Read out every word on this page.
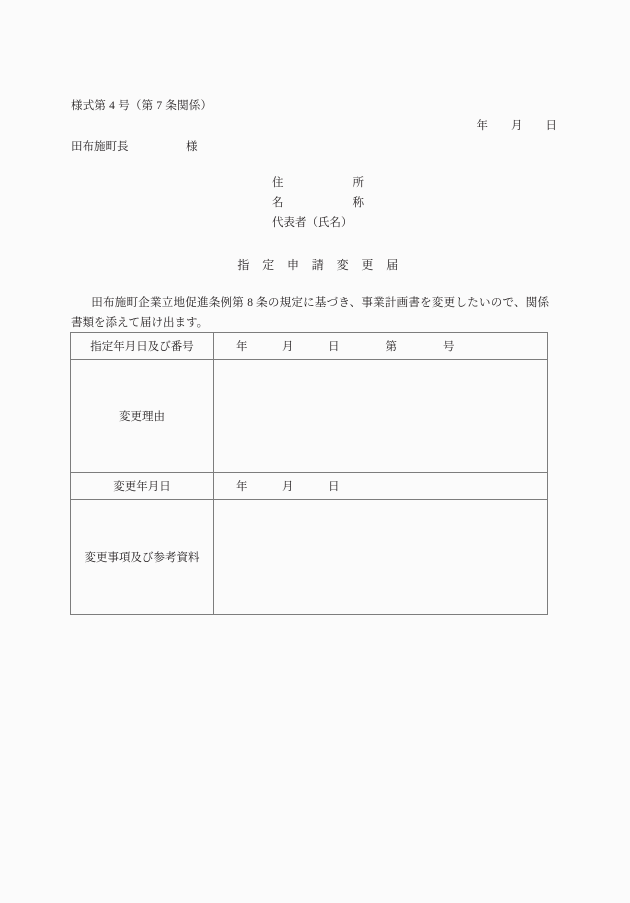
様式第 4 号（第 7 条関係）
年　　月　　日
田布施町長　　　　　様
住　　　　　　所
名　　　　　　称
代表者（氏名）
指　定　申　請　変　更　届
田布施町企業立地促進条例第 8 条の規定に基づき、事業計画書を変更したいので、関係書類を添えて届け出ます。
指定年月日及び番号	年　　　月　　　日　　　　第　　　　号
変更理由	
変更年月日	年　　　月　　　日
変更事項及び参考資料	
